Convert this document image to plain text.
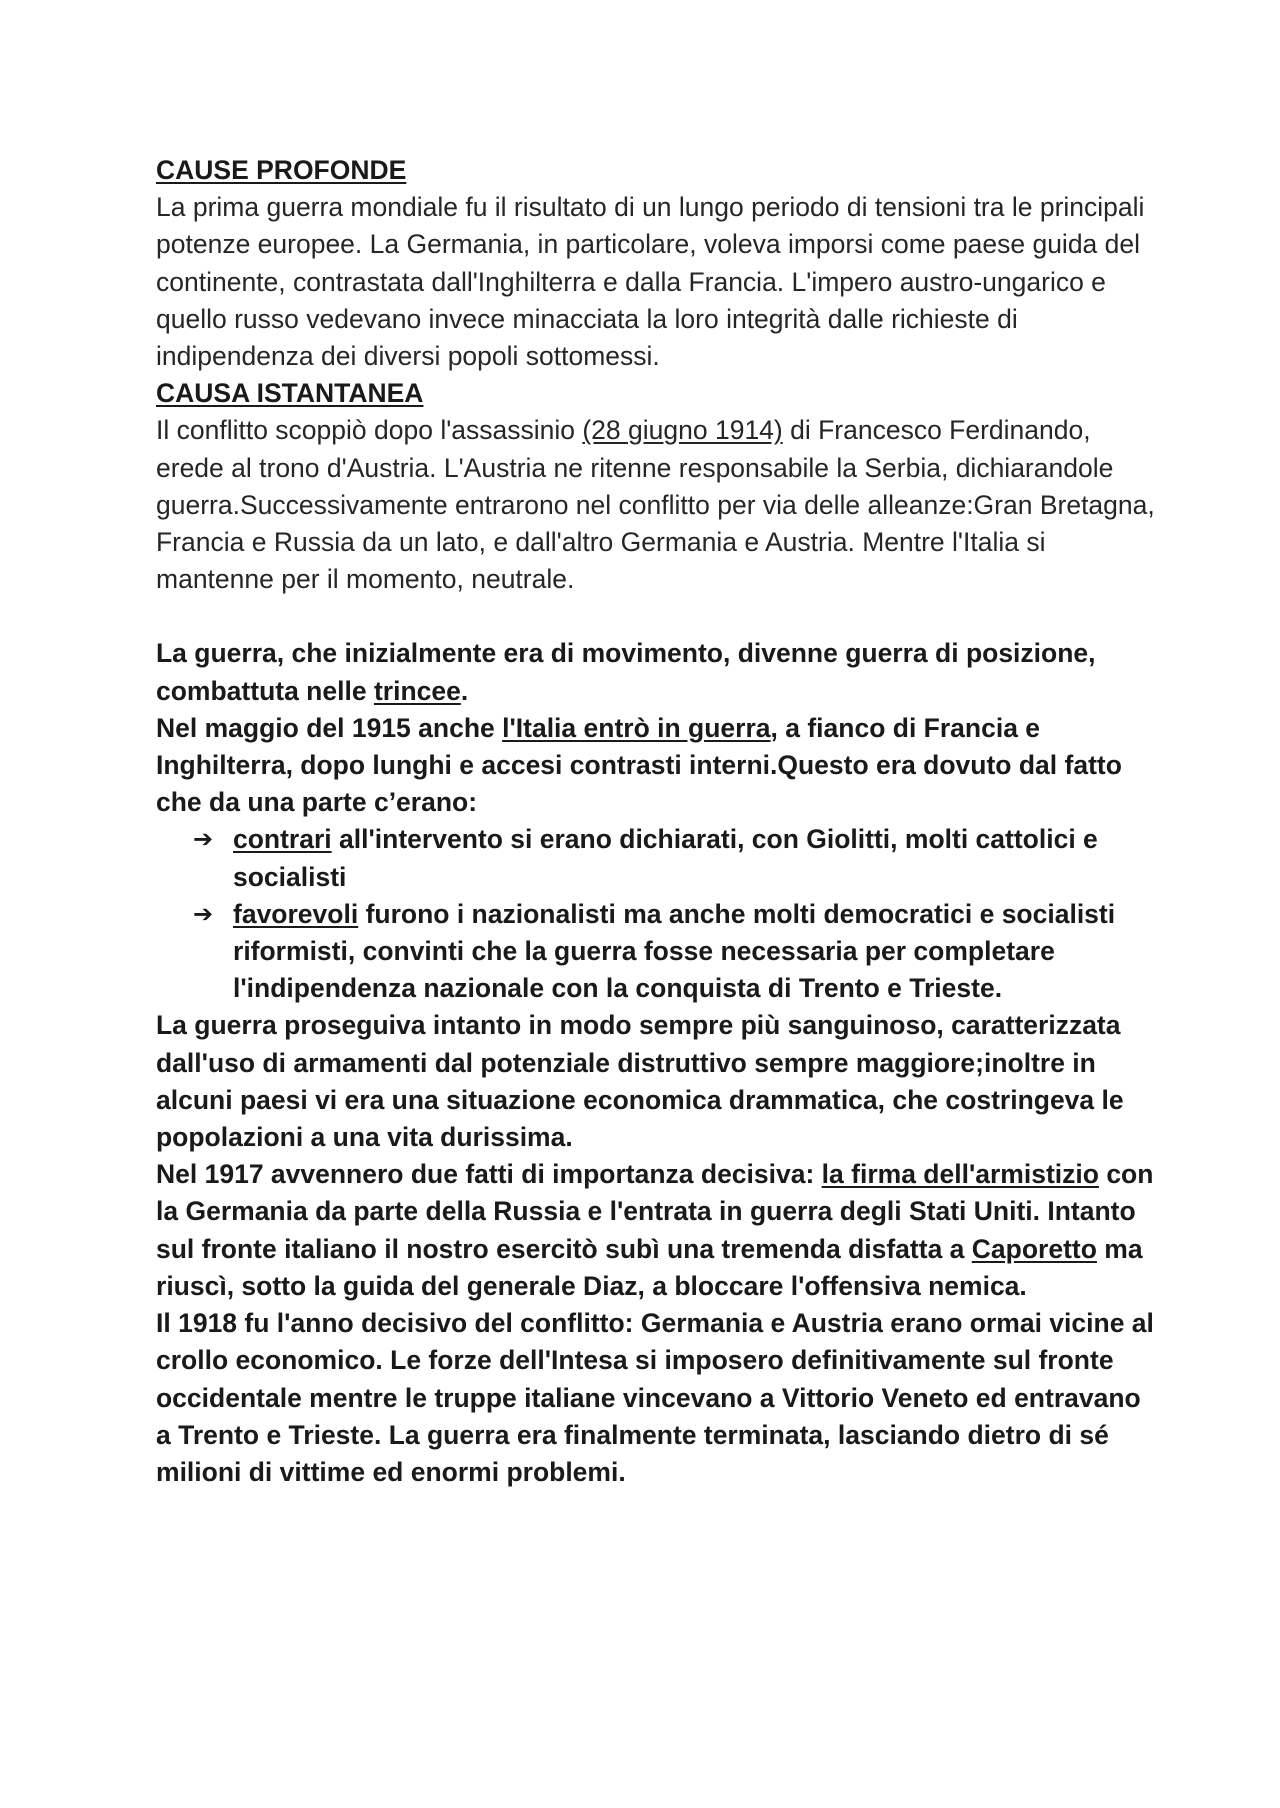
CAUSE PROFONDE

La prima guerra mondiale fu il risultato di un lungo periodo di tensioni tra le principali potenze europee. La Germania, in particolare, voleva imporsi come paese guida del continente, contrastata dall'Inghilterra e dalla Francia. L'impero austro-ungarico e quello russo vedevano invece minacciata la loro integrità dalle richieste di indipendenza dei diversi popoli sottomessi.

CAUSA ISTANTANEA

Il conflitto scoppiò dopo l'assassinio (28 giugno 1914) di Francesco Ferdinando, erede al trono d'Austria. L'Austria ne ritenne responsabile la Serbia, dichiarandole guerra.Successivamente entrarono nel conflitto per via delle alleanze:Gran Bretagna, Francia e Russia da un lato, e dall'altro Germania e Austria. Mentre l'Italia si mantenne per il momento, neutrale.

La guerra, che inizialmente era di movimento, divenne guerra di posizione, combattuta nelle trincee.

Nel maggio del 1915 anche l'Italia entrò in guerra, a fianco di Francia e Inghilterra, dopo lunghi e accesi contrasti interni.Questo era dovuto dal fatto che da una parte c’erano:

➔ contrari all'intervento si erano dichiarati, con Giolitti, molti cattolici e socialisti
➔ favorevoli furono i nazionalisti ma anche molti democratici e socialisti riformisti, convinti che la guerra fosse necessaria per completare l'indipendenza nazionale con la conquista di Trento e Trieste.

La guerra proseguiva intanto in modo sempre più sanguinoso, caratterizzata dall'uso di armamenti dal potenziale distruttivo sempre maggiore;inoltre in alcuni paesi vi era una situazione economica drammatica, che costringeva le popolazioni a una vita durissima.

Nel 1917 avvennero due fatti di importanza decisiva: la firma dell'armistizio con la Germania da parte della Russia e l'entrata in guerra degli Stati Uniti. Intanto sul fronte italiano il nostro esercitò subì una tremenda disfatta a Caporetto ma riuscì, sotto la guida del generale Diaz, a bloccare l'offensiva nemica.

Il 1918 fu l'anno decisivo del conflitto: Germania e Austria erano ormai vicine al crollo economico. Le forze dell'Intesa si imposero definitivamente sul fronte occidentale mentre le truppe italiane vincevano a Vittorio Veneto ed entravano a Trento e Trieste. La guerra era finalmente terminata, lasciando dietro di sé milioni di vittime ed enormi problemi.
